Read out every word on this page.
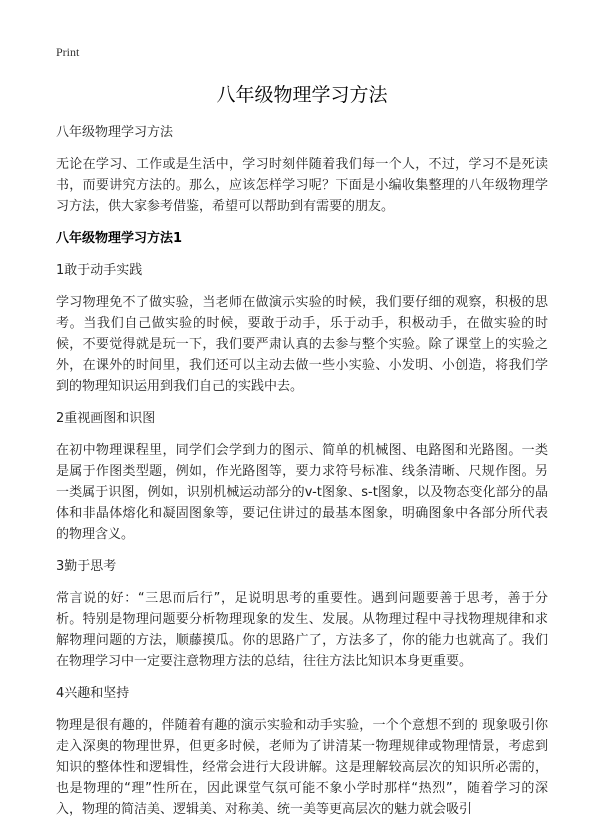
Print
八年级物理学习方法

八年级物理学习方法

无论在学习、工作或是生活中，学习时刻伴随着我们每一个人，不过，学习不是死读书，而要讲究方法的。那么，应该怎样学习呢？下面是小编收集整理的八年级物理学习方法，供大家参考借鉴，希望可以帮助到有需要的朋友。

八年级物理学习方法1

1敢于动手实践

学习物理免不了做实验，当老师在做演示实验的时候，我们要仔细的观察，积极的思考。当我们自己做实验的时候，要敢于动手，乐于动手，积极动手，在做实验的时候，不要觉得就是玩一下，我们要严肃认真的去参与整个实验。除了课堂上的实验之外，在课外的时间里，我们还可以主动去做一些小实验、小发明、小创造，将我们学到的物理知识运用到我们自己的实践中去。

2重视画图和识图

在初中物理课程里，同学们会学到力的图示、简单的机械图、电路图和光路图。一类是属于作图类型题，例如，作光路图等，要力求符号标准、线条清晰、尺规作图。另一类属于识图，例如，识别机械运动部分的v-t图象、s-t图象，以及物态变化部分的晶体和非晶体熔化和凝固图象等，要记住讲过的最基本图象，明确图象中各部分所代表的物理含义。

3勤于思考

常言说的好：“三思而后行”，足说明思考的重要性。遇到问题要善于思考，善于分析。特别是物理问题要分析物理现象的发生、发展。从物理过程中寻找物理规律和求解物理问题的方法，顺藤摸瓜。你的思路广了，方法多了，你的能力也就高了。我们在物理学习中一定要注意物理方法的总结，往往方法比知识本身更重要。

4兴趣和坚持

物理是很有趣的，伴随着有趣的演示实验和动手实验，一个个意想不到的 现象吸引你走入深奥的物理世界，但更多时候，老师为了讲清某一物理规律或物理情景，考虑到知识的整体性和逻辑性，经常会进行大段讲解。这是理解较高层次的知识所必需的，也是物理的“理”性所在，因此课堂气氛可能不象小学时那样“热烈”，随着学习的深入，物理的简洁美、逻辑美、对称美、统一美等更高层次的魅力就会吸引
